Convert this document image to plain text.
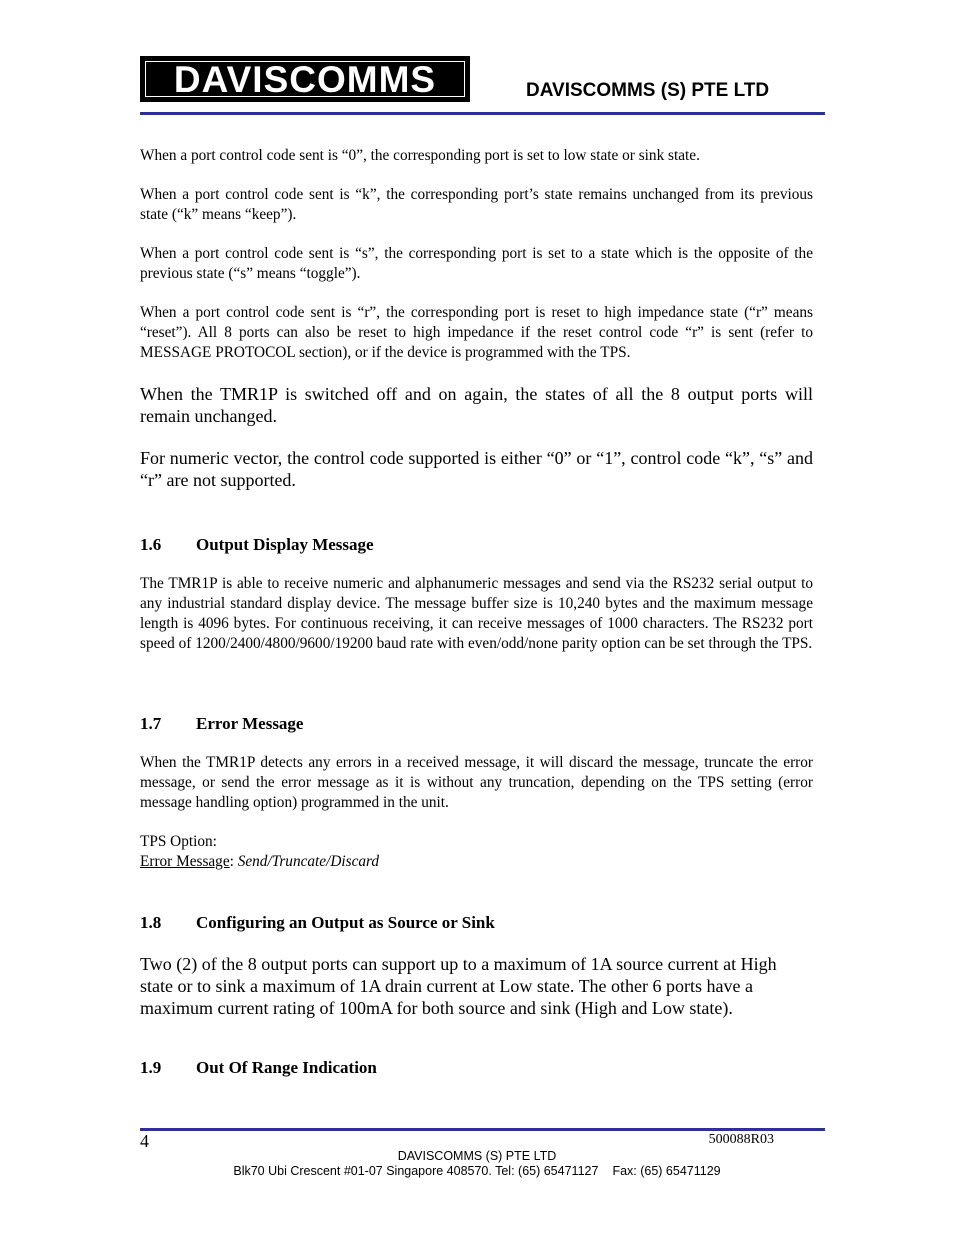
DAVISCOMMS	DAVISCOMMS (S) PTE LTD

When a port control code sent is “0”, the corresponding port is set to low state or sink state.

When a port control code sent is “k”, the corresponding port’s state remains unchanged from its previous state (“k” means “keep”).

When a port control code sent is “s”, the corresponding port is set to a state which is the opposite of the previous state (“s” means “toggle”).

When a port control code sent is “r”, the corresponding port is reset to high impedance state (“r” means “reset”). All 8 ports can also be reset to high impedance if the reset control code “r” is sent (refer to MESSAGE PROTOCOL section), or if the device is programmed with the TPS.

When the TMR1P is switched off and on again, the states of all the 8 output ports will remain unchanged.

For numeric vector, the control code supported is either “0” or “1”, control code “k”, “s” and “r” are not supported.

1.6 Output Display Message

The TMR1P is able to receive numeric and alphanumeric messages and send via the RS232 serial output to any industrial standard display device. The message buffer size is 10,240 bytes and the maximum message length is 4096 bytes. For continuous receiving, it can receive messages of 1000 characters. The RS232 port speed of 1200/2400/4800/9600/19200 baud rate with even/odd/none parity option can be set through the TPS.

1.7 Error Message

When the TMR1P detects any errors in a received message, it will discard the message, truncate the error message, or send the error message as it is without any truncation, depending on the TPS setting (error message handling option) programmed in the unit.

TPS Option:

Error Message: Send/Truncate/Discard

1.8 Configuring an Output as Source or Sink

Two (2) of the 8 output ports can support up to a maximum of 1A source current at High state or to sink a maximum of 1A drain current at Low state. The other 6 ports have a maximum current rating of 100mA for both source and sink (High and Low state).

1.9 Out Of Range Indication
4	500088R03
DAVISCOMMS (S) PTE LTD
Blk70 Ubi Crescent #01-07 Singapore 408570. Tel: (65) 65471127 Fax: (65) 65471129
